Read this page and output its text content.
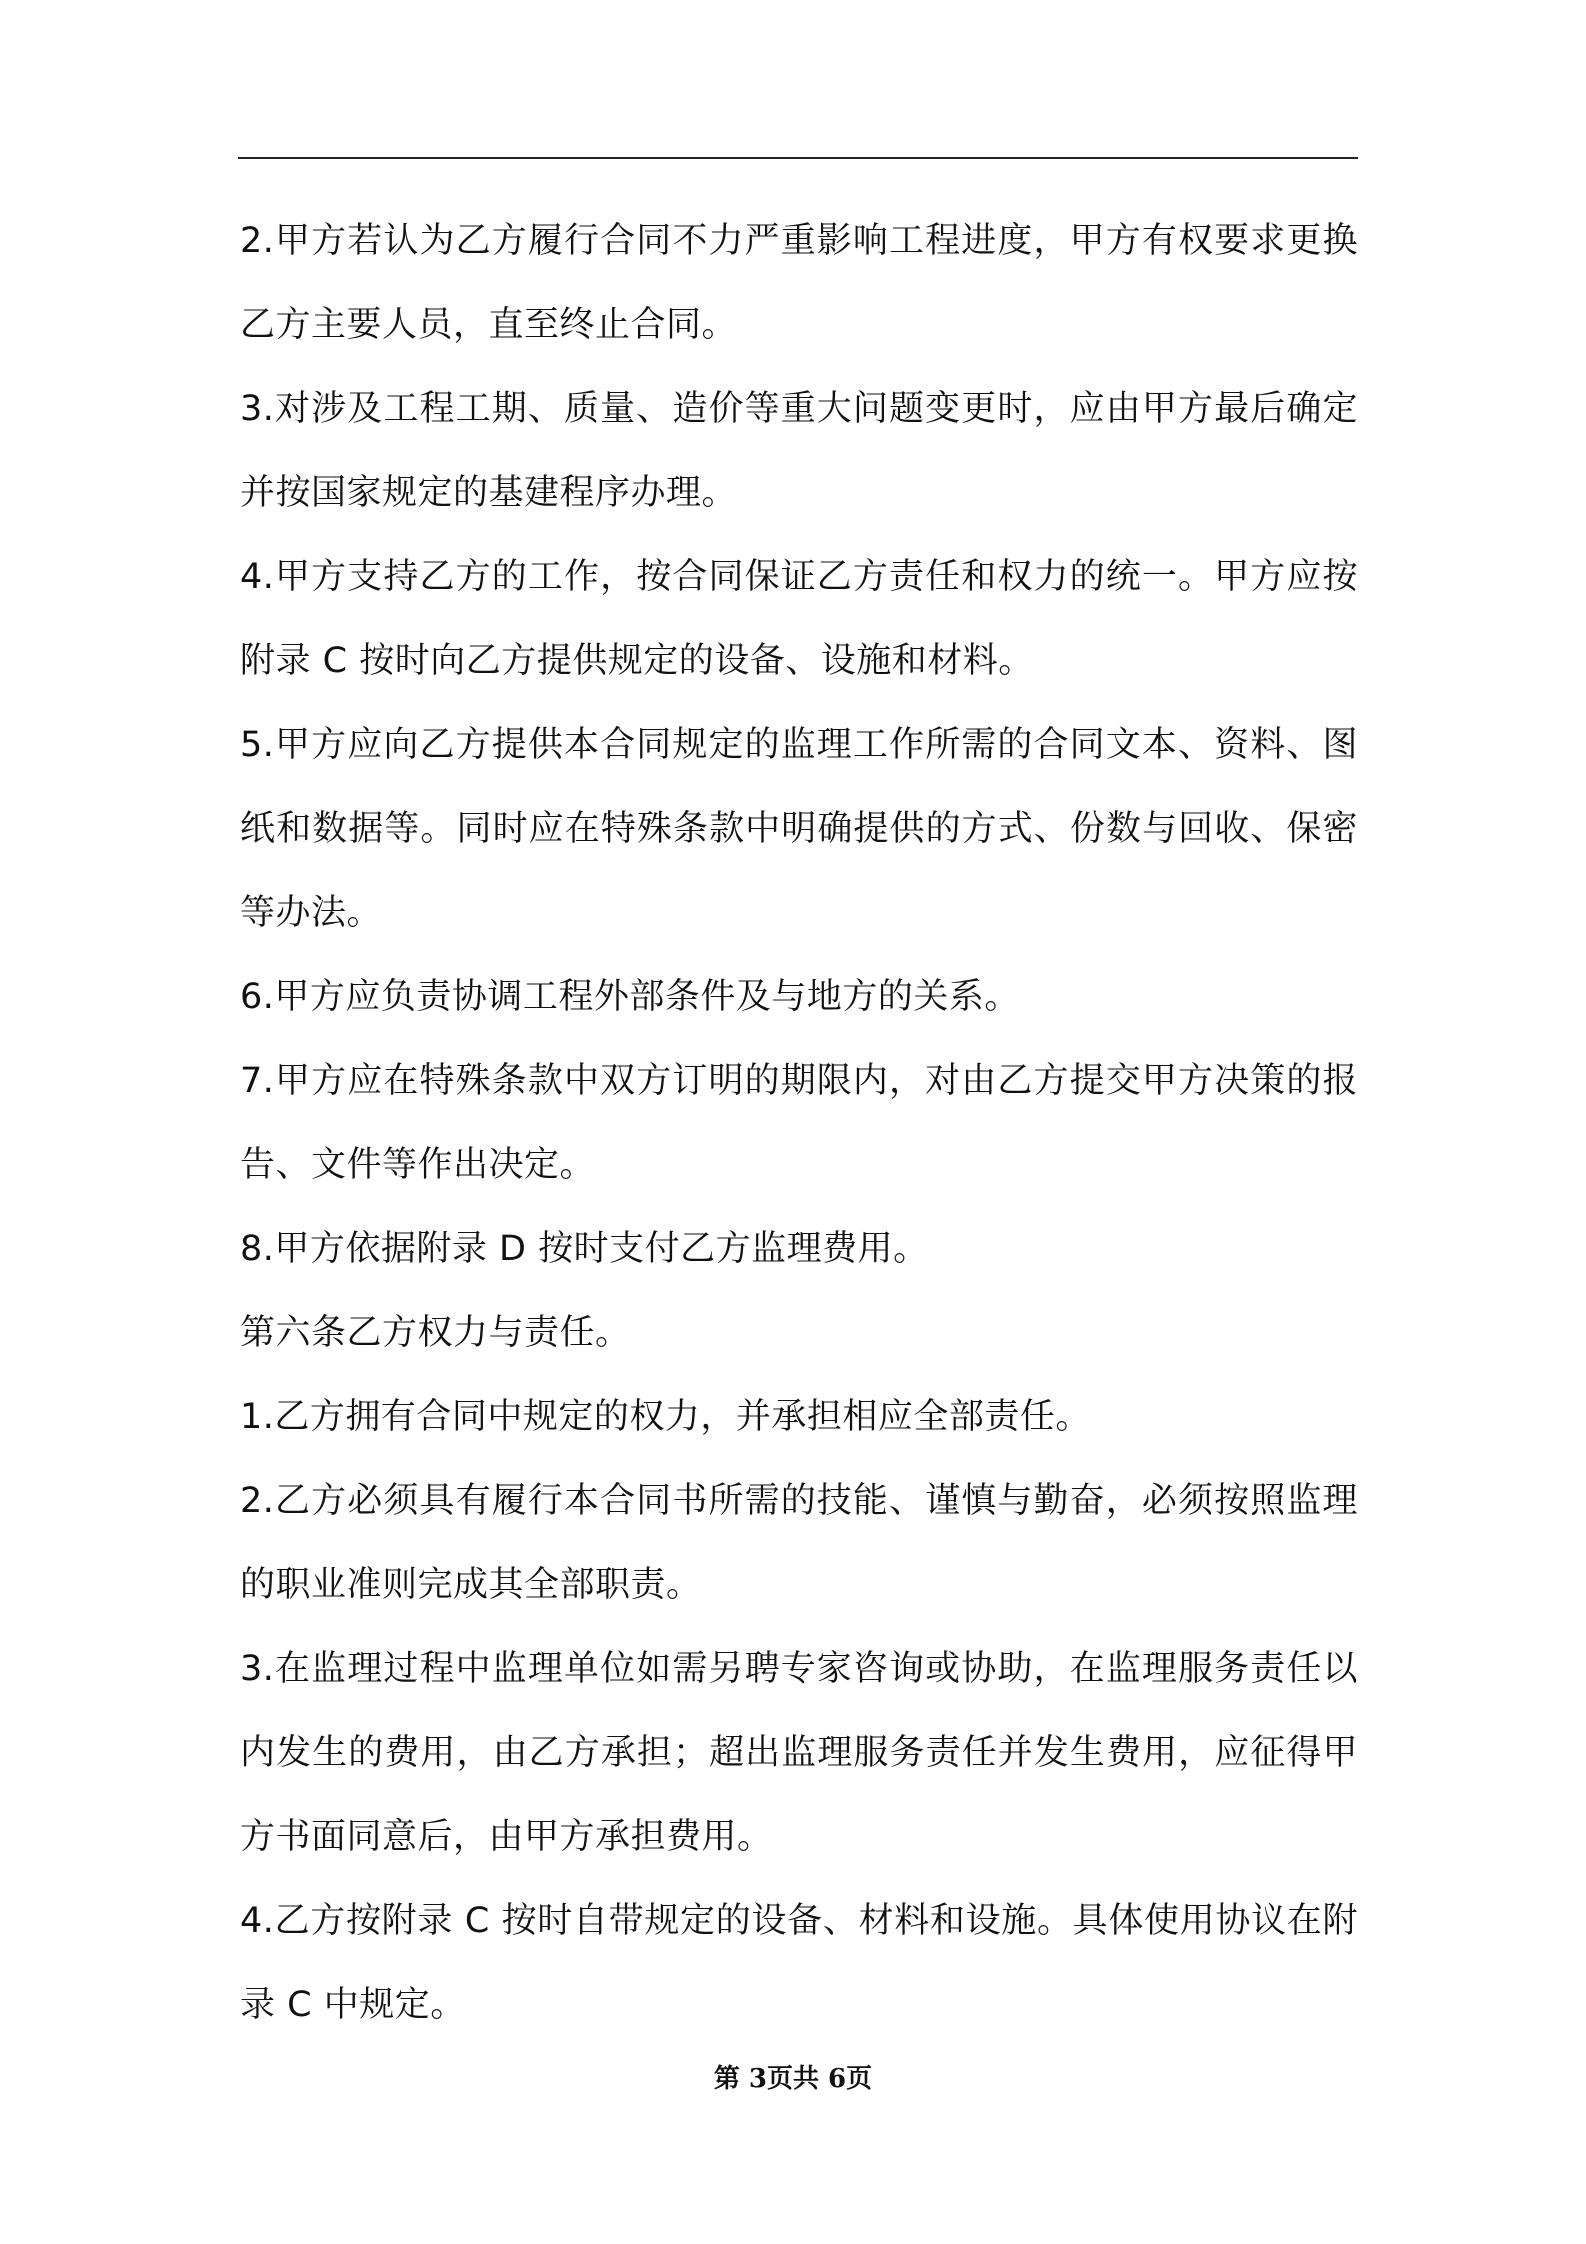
2.甲方若认为乙方履行合同不力严重影响工程进度，甲方有权要求更换乙方主要人员，直至终止合同。

3.对涉及工程工期、质量、造价等重大问题变更时，应由甲方最后确定并按国家规定的基建程序办理。

4.甲方支持乙方的工作，按合同保证乙方责任和权力的统一。甲方应按附录 C 按时向乙方提供规定的设备、设施和材料。

5.甲方应向乙方提供本合同规定的监理工作所需的合同文本、资料、图纸和数据等。同时应在特殊条款中明确提供的方式、份数与回收、保密等办法。

6.甲方应负责协调工程外部条件及与地方的关系。

7.甲方应在特殊条款中双方订明的期限内，对由乙方提交甲方决策的报告、文件等作出决定。

8.甲方依据附录 D 按时支付乙方监理费用。

第六条乙方权力与责任。

1.乙方拥有合同中规定的权力，并承担相应全部责任。

2.乙方必须具有履行本合同书所需的技能、谨慎与勤奋，必须按照监理的职业准则完成其全部职责。

3.在监理过程中监理单位如需另聘专家咨询或协助，在监理服务责任以内发生的费用，由乙方承担；超出监理服务责任并发生费用，应征得甲方书面同意后，由甲方承担费用。

4.乙方按附录 C 按时自带规定的设备、材料和设施。具体使用协议在附录 C 中规定。

第 3页共 6页
